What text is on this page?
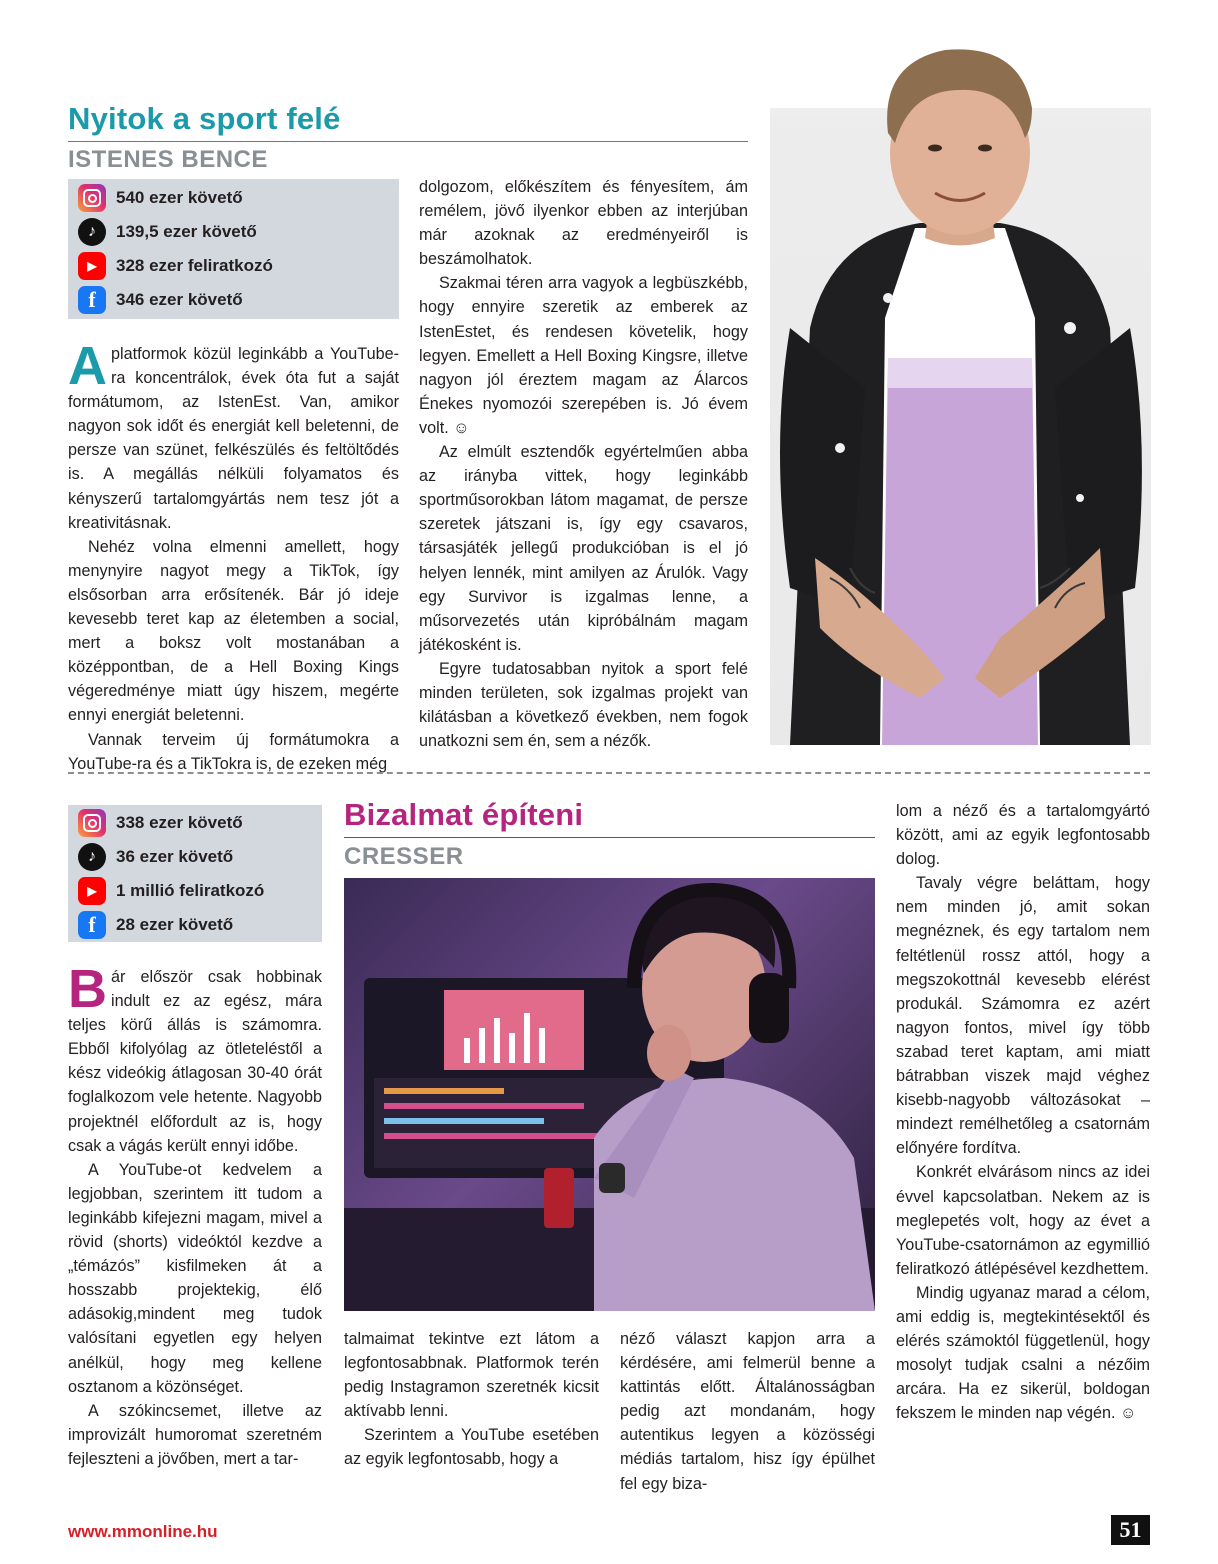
Nyitok a sport felé
ISTENES BENCE
540 ezer követő
♪	139,5 ezer követő
▶	328 ezer feliratkozó
f	346 ezer követő

A platformok közül leginkább a YouTube-ra koncentrálok, évek óta fut a saját formátumom, az IstenEst. Van, amikor nagyon sok időt és energiát kell beletenni, de persze van szünet, felkészülés és feltöltődés is. A megállás nélküli folyamatos és kényszerű tartalomgyártás nem tesz jót a kreativitásnak.

Nehéz volna elmenni amellett, hogy menynyire nagyot megy a TikTok, így elsősorban arra erősítenék. Bár jó ideje kevesebb teret kap az életemben a social, mert a boksz volt mostanában a középpontban, de a Hell Boxing Kings végeredménye miatt úgy hiszem, megérte ennyi energiát beletenni.

Vannak terveim új formátumokra a YouTube-ra és a TikTokra is, de ezeken még

dolgozom, előkészítem és fényesítem, ám remélem, jövő ilyenkor ebben az interjúban már azoknak az eredményeiről is beszámolhatok.

Szakmai téren arra vagyok a legbüszkébb, hogy ennyire szeretik az emberek az IstenEstet, és rendesen követelik, hogy legyen. Emellett a Hell Boxing Kingsre, illetve nagyon jól éreztem magam az Álarcos Énekes nyomozói szerepében is. Jó évem volt. ☺

Az elmúlt esztendők egyértelműen abba az irányba vittek, hogy leginkább sportműsorokban látom magamat, de persze szeretek játszani is, így egy csavaros, társasjáték jellegű produkcióban is el jó helyen lennék, mint amilyen az Árulók. Vagy egy Survivor is izgalmas lenne, a műsorvezetés után kipróbálnám magam játékosként is.

Egyre tudatosabban nyitok a sport felé minden területen, sok izgalmas projekt van kilátásban a következő években, nem fogok unatkozni sem én, sem a nézők.

338 ezer követő
♪	36 ezer követő
▶	1 millió feliratkozó
f	28 ezer követő

Bár először csak hobbinak indult ez az egész, mára teljes körű állás is számomra. Ebből kifolyólag az ötleteléstől a kész videókig átlagosan 30-40 órát foglalkozom vele hetente. Nagyobb projektnél előfordult az is, hogy csak a vágás került ennyi időbe.

A YouTube-ot kedvelem a legjobban, szerintem itt tudom a leginkább kifejezni magam, mivel a rövid (shorts) videóktól kezdve a „témázós” kisfilmeken át a hosszabb projektekig, élő adásokig,mindent meg tudok valósítani egyetlen egy helyen anélkül, hogy meg kellene osztanom a közönséget.

A szókincsemet, illetve az improvizált humoromat szeretném fejleszteni a jövőben, mert a tar-

Bizalmat építeni
CRESSER

talmaimat tekintve ezt látom a legfontosabbnak. Platformok terén pedig Instagramon szeretnék kicsit aktívabb lenni.

Szerintem a YouTube esetében az egyik legfontosabb, hogy a

néző választ kapjon arra a kérdésére, ami felmerül benne a kattintás előtt. Általánosságban pedig azt mondanám, hogy autentikus legyen a közösségi médiás tartalom, hisz így épülhet fel egy biza-

lom a néző és a tartalomgyártó között, ami az egyik legfontosabb dolog.

Tavaly végre beláttam, hogy nem minden jó, amit sokan megnéznek, és egy tartalom nem feltétlenül rossz attól, hogy a megszokottnál kevesebb elérést produkál. Számomra ez azért nagyon fontos, mivel így több szabad teret kaptam, ami miatt bátrabban viszek majd véghez kisebb-nagyobb változásokat – mindezt remélhetőleg a csatornám előnyére fordítva.

Konkrét elvárásom nincs az idei évvel kapcsolatban. Nekem az is meglepetés volt, hogy az évet a YouTube-csatornámon az egymillió feliratkozó átlépésével kezdhettem.

Mindig ugyanaz marad a célom, ami eddig is, megtekintésektől és elérés számoktól függetlenül, hogy mosolyt tudjak csalni a nézőim arcára. Ha ez sikerül, boldogan fekszem le minden nap végén. ☺

www.mmonline.hu	51
